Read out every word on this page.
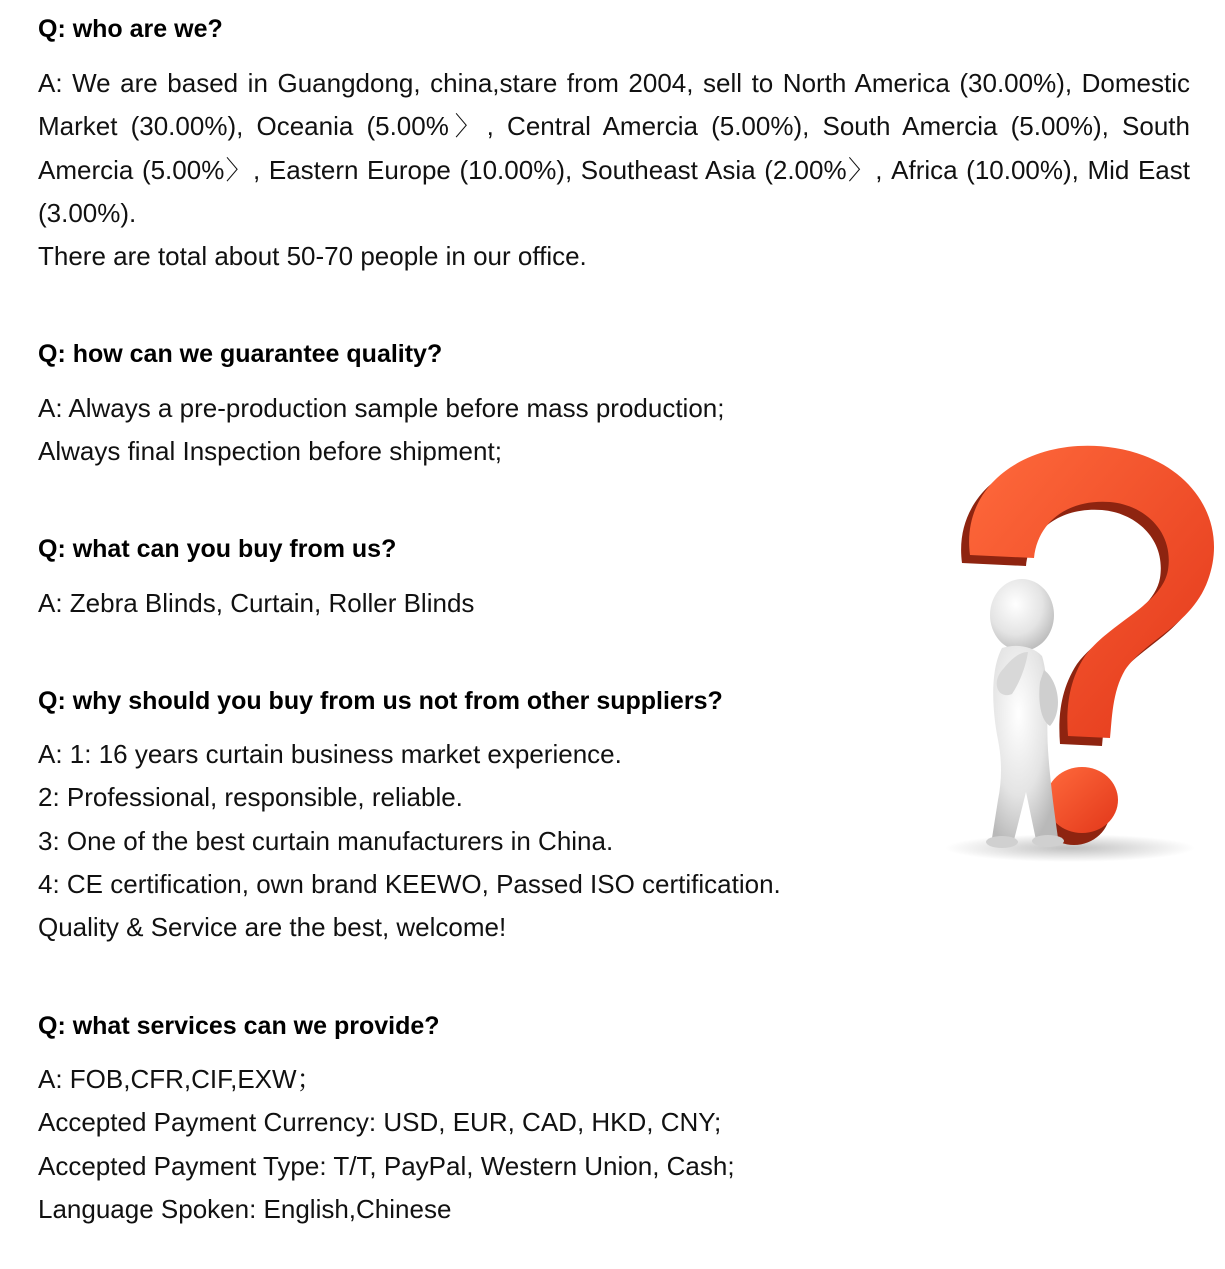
Q: who are we?
A: We are based in Guangdong, china,stare from 2004, sell to North America (30.00%), Domestic Market (30.00%), Oceania (5.00%〉, Central Amercia (5.00%), South Amercia (5.00%), South Amercia (5.00%〉, Eastern Europe (10.00%), Southeast Asia (2.00%〉, Africa (10.00%), Mid East (3.00%).
There are total about 50-70 people in our office.
Q: how can we guarantee quality?
A: Always a pre-production sample before mass production;
Always final Inspection before shipment;
Q: what can you buy from us?
A: Zebra Blinds, Curtain, Roller Blinds
Q: why should you buy from us not from other suppliers?
A: 1: 16 years curtain business market experience.
2: Professional, responsible, reliable.
3: One of the best curtain manufacturers in China.
4: CE certification, own brand KEEWO, Passed ISO certification.
Quality & Service are the best, welcome!
Q: what services can we provide?
A: FOB,CFR,CIF,EXW；
Accepted Payment Currency: USD, EUR, CAD, HKD, CNY;
Accepted Payment Type: T/T, PayPal, Western Union, Cash;
Language Spoken: English,Chinese
